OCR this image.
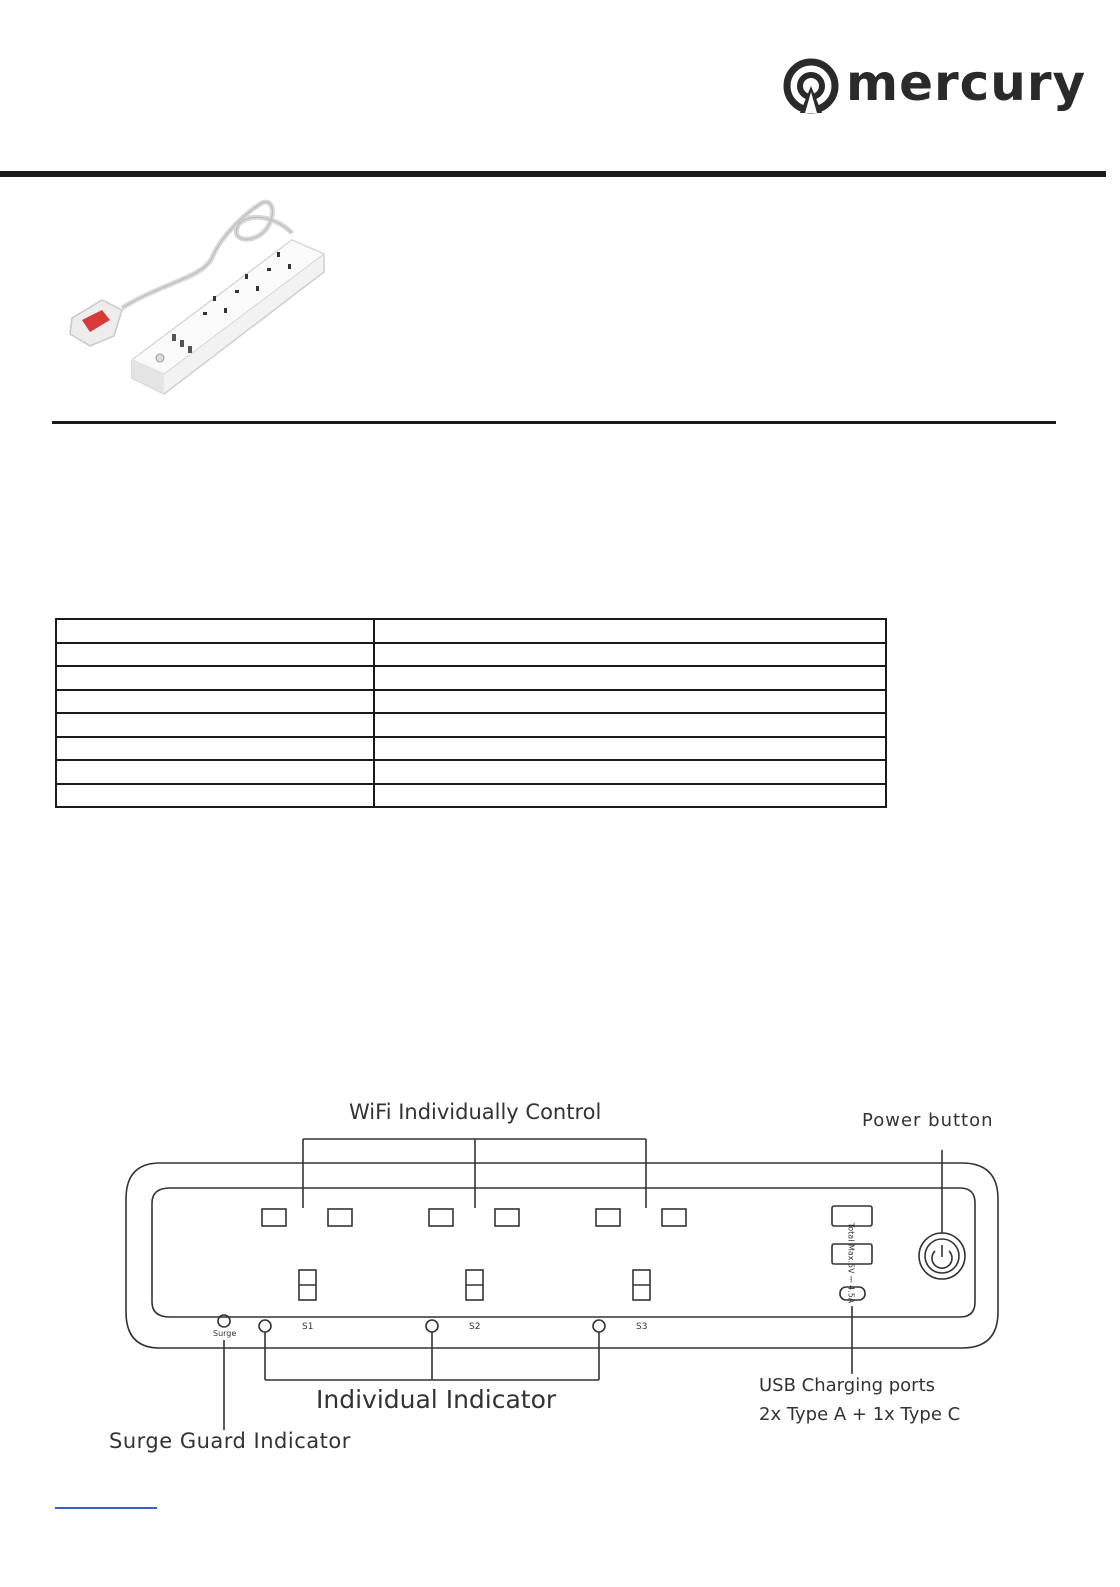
mercury

WiFi Individually Control	Power button
Individual Indicator	USB Charging ports
2x Type A + 1x Type C
Surge Guard Indicator
Surge
S1	S2	S3
Total Max.5V ⎓ 4.5A
